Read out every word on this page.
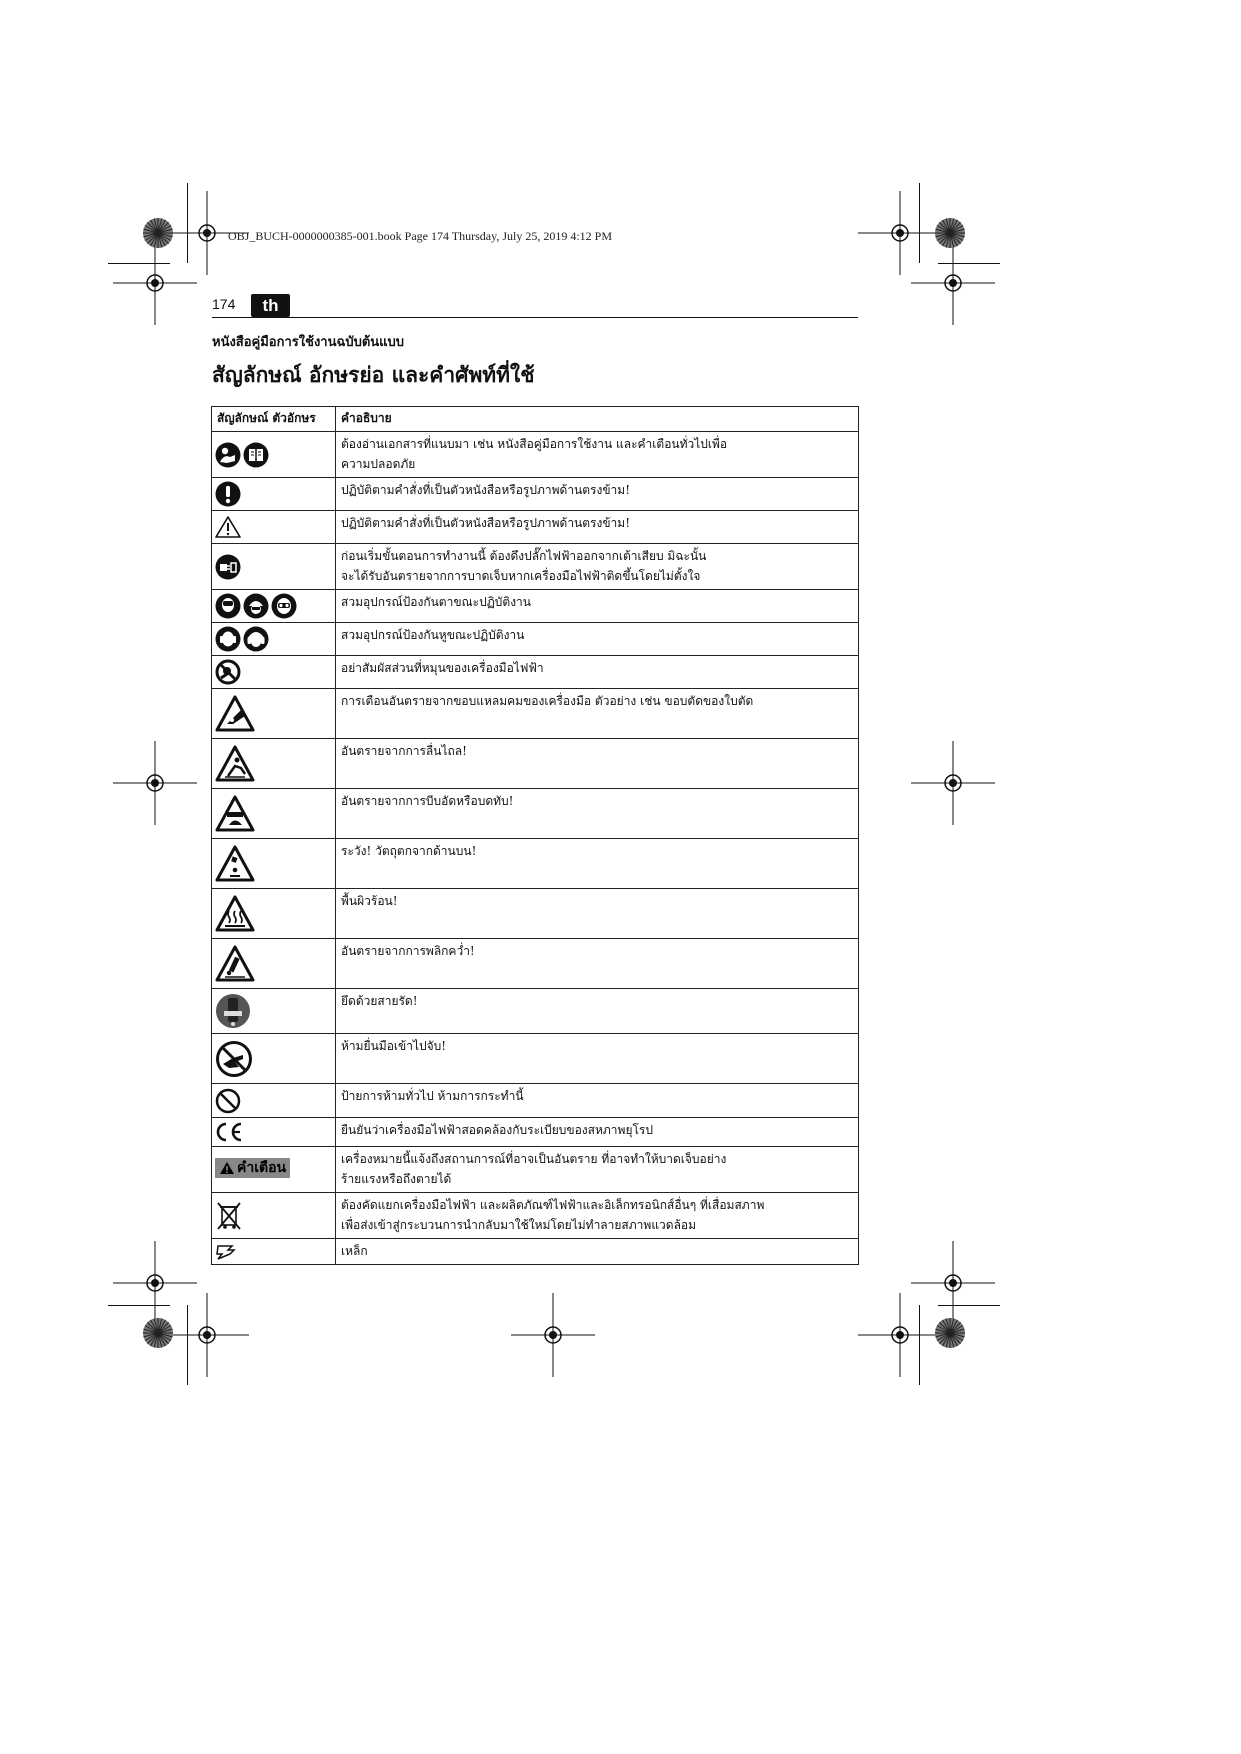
OBJ_BUCH-0000000385-001.book Page 174 Thursday, July 25, 2019 4:12 PM
174	th
หนังสือคู่มือการใช้งานฉบับต้นแบบ
สัญลักษณ์ อักษรย่อ และคำศัพท์ที่ใช้
สัญลักษณ์ ตัวอักษร	คำอธิบาย

ต้องอ่านเอกสารที่แนบมา เช่น หนังสือคู่มือการใช้งาน และคำเตือนทั่วไปเพื่อ
ความปลอดภัย

ปฏิบัติตามคำสั่งที่เป็นตัวหนังสือหรือรูปภาพด้านตรงข้าม!

ปฏิบัติตามคำสั่งที่เป็นตัวหนังสือหรือรูปภาพด้านตรงข้าม!

ก่อนเริ่มขั้นตอนการทำงานนี้ ต้องดึงปลั๊กไฟฟ้าออกจากเต้าเสียบ มิฉะนั้น
จะได้รับอันตรายจากการบาดเจ็บหากเครื่องมือไฟฟ้าติดขึ้นโดยไม่ตั้งใจ

สวมอุปกรณ์ป้องกันตาขณะปฏิบัติงาน

สวมอุปกรณ์ป้องกันหูขณะปฏิบัติงาน

อย่าสัมผัสส่วนที่หมุนของเครื่องมือไฟฟ้า

การเตือนอันตรายจากขอบแหลมคมของเครื่องมือ ตัวอย่าง เช่น ขอบตัดของใบตัด

อันตรายจากการลื่นไถล!

อันตรายจากการบีบอัดหรือบดทับ!

ระวัง! วัตถุตกจากด้านบน!

พื้นผิวร้อน!

อันตรายจากการพลิกคว่ำ!

ยึดด้วยสายรัด!

ห้ามยื่นมือเข้าไปจับ!

ป้ายการห้ามทั่วไป ห้ามการกระทำนี้

ยืนยันว่าเครื่องมือไฟฟ้าสอดคล้องกับระเบียบของสหภาพยุโรป

คำเตือน	เครื่องหมายนี้แจ้งถึงสถานการณ์ที่อาจเป็นอันตราย ที่อาจทำให้บาดเจ็บอย่าง
ร้ายแรงหรือถึงตายได้

ต้องคัดแยกเครื่องมือไฟฟ้า และผลิตภัณฑ์ไฟฟ้าและอิเล็กทรอนิกส์อื่นๆ ที่เสื่อมสภาพ
เพื่อส่งเข้าสู่กระบวนการนำกลับมาใช้ใหม่โดยไม่ทำลายสภาพแวดล้อม

เหล็ก
